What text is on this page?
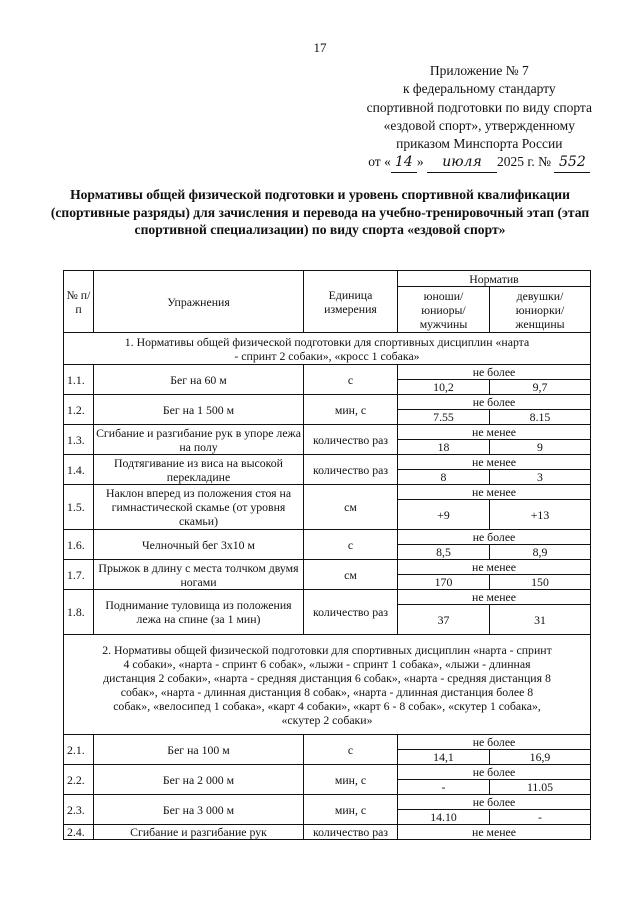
17
Приложение № 7
к федеральному стандарту
спортивной подготовки по виду спорта
«ездовой спорт», утвержденному
приказом Минспорта России
от « 14 » июля 2025 г. № 552
Нормативы общей физической подготовки и уровень спортивной квалификации (спортивные разряды) для зачисления и перевода на учебно-тренировочный этап (этап спортивной специализации) по виду спорта «ездовой спорт»
№ п/п	Упражнения	Единица измерения	Норматив	
			юноши/ юниоры/ мужчины	девушки/ юниорки/ женщины
1. Нормативы общей физической подготовки для спортивных дисциплин «нарта - спринт 2 собаки», «кросс 1 собака»				
1.1.	Бег на 60 м	с	не более	
			10,2	9,7
1.2.	Бег на 1 500 м	мин, с	не более	
			7.55	8.15
1.3.	Сгибание и разгибание рук в упоре лежа на полу	количество раз	не менее	
			18	9
1.4.	Подтягивание из виса на высокой перекладине	количество раз	не менее	
			8	3
1.5.	Наклон вперед из положения стоя на гимнастической скамье (от уровня скамьи)	см	не менее	
			+9	+13
1.6.	Челночный бег 3х10 м	с	не более	
			8,5	8,9
1.7.	Прыжок в длину с места толчком двумя ногами	см	не менее	
			170	150
1.8.	Поднимание туловища из положения лежа на спине (за 1 мин)	количество раз	не менее	
			37	31
2. Нормативы общей физической подготовки для спортивных дисциплин «нарта - спринт 4 собаки», «нарта - спринт 6 собак», «лыжи - спринт 1 собака», «лыжи - длинная дистанция 2 собаки», «нарта - средняя дистанция 6 собак», «нарта - средняя дистанция 8 собак», «нарта - длинная дистанция 8 собак», «нарта - длинная дистанция более 8 собак», «велосипед 1 собака», «карт 4 собаки», «карт 6 - 8 собак», «скутер 1 собака», «скутер 2 собаки»				
2.1.	Бег на 100 м	с	не более	
			14,1	16,9
2.2.	Бег на 2 000 м	мин, с	не более	
			-	11.05
2.3.	Бег на 3 000 м	мин, с	не более	
			14.10	-
2.4.	Сгибание и разгибание рук	количество раз	не менее	
